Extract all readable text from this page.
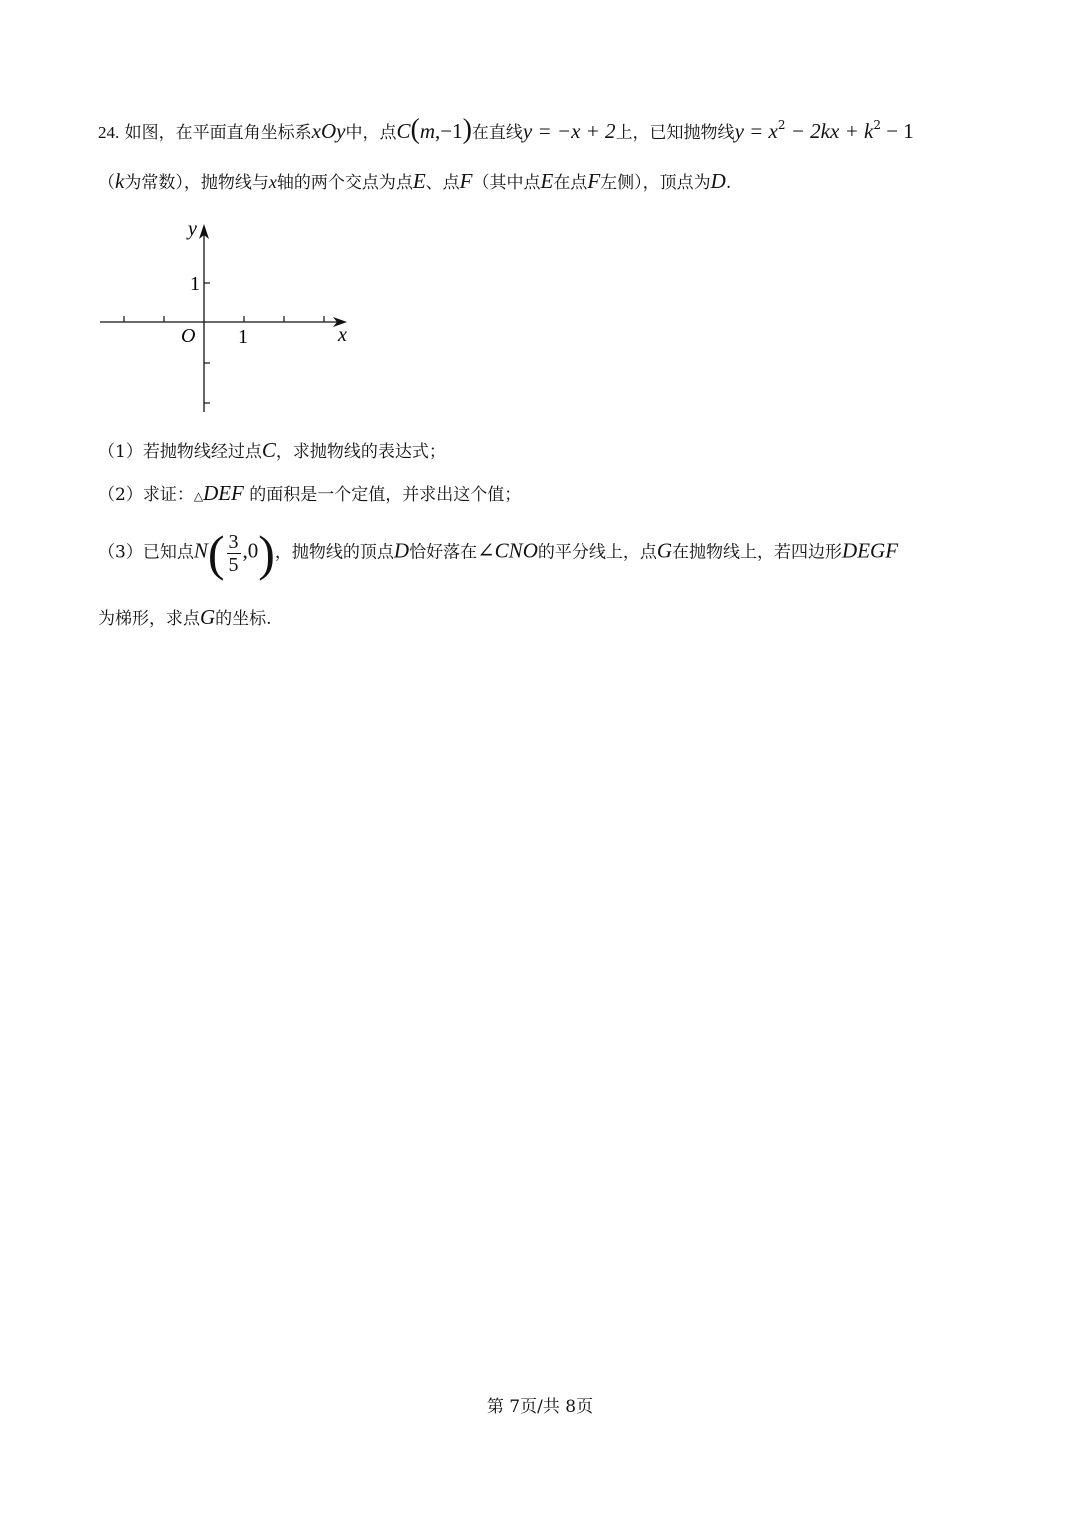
24. 如图，在平面直角坐标系xOy中，点C(m,−1)在直线y = −x + 2上，已知抛物线$y = x^2 - 2kx + k^2 - 1$
（k为常数），抛物线与x轴的两个交点为点E、点F（其中点E在点F左侧），顶点为D.
y
x
O 1
1
（1）若抛物线经过点C，求抛物线的表达式；
（2）求证：△DEF 的面积是一个定值，并求出这个值；
（3）已知点$N( \frac{3}{5} ,0)$，抛物线的顶点D恰好落在∠CNO的平分线上，点G在抛物线上，若四边形DEGF
为梯形，求点G的坐标.
第 7页/共 8页
